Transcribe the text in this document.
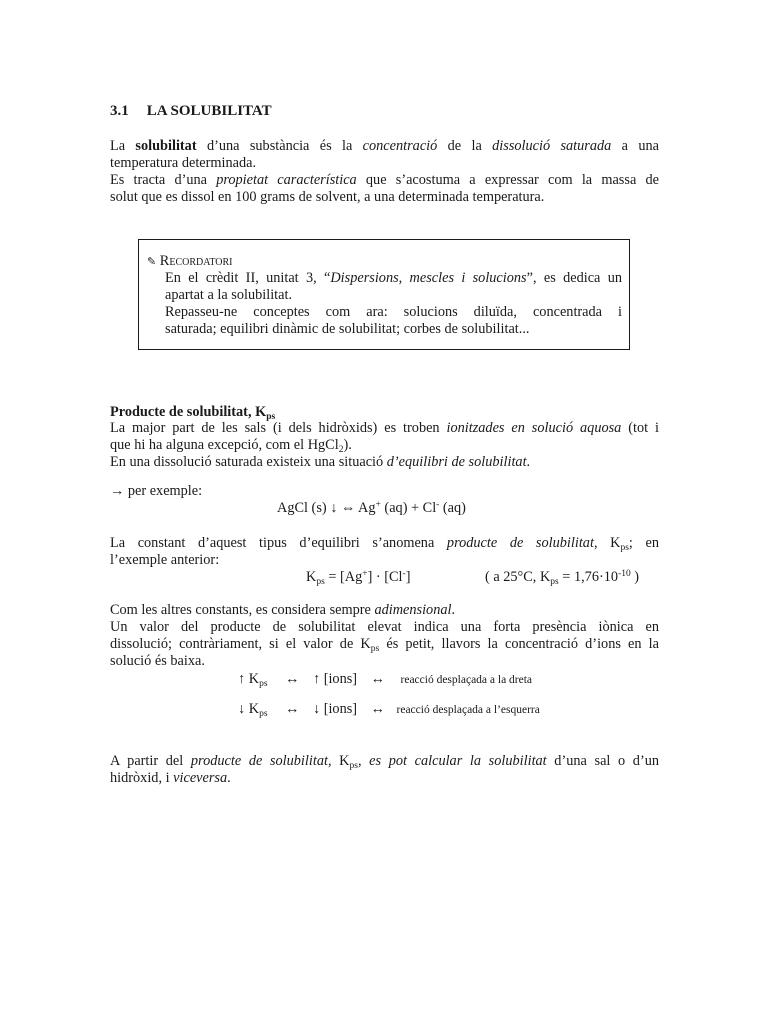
3.1 LA SOLUBILITAT
La solubilitat d’una substància és la concentració de la dissolució saturada a una
temperatura determinada.
Es tracta d’una propietat característica que s’acostuma a expressar com la massa de
solut que es dissol en 100 grams de solvent, a una determinada temperatura.
✎ Recordatori
En el crèdit II, unitat 3, “Dispersions, mescles i solucions”, es dedica un
apartat a la solubilitat.
Repasseu-ne conceptes com ara: solucions diluïda, concentrada i
saturada; equilibri dinàmic de solubilitat; corbes de solubilitat...
Producte de solubilitat, $K_{ps}$
La major part de les sals (i dels hidròxids) es troben ionitzades en solució aquosa (tot i
que hi ha alguna excepció, com el HgCl$_2$).
En una dissolució saturada existeix una situació d’equilibri de solubilitat.
→ per exemple:
AgCl (s) ↓ ⇔ Ag+ (aq) + Cl- (aq)
La constant d’aquest tipus d’equilibri s’anomena producte de solubilitat, $K_{ps}$; en
l’exemple anterior:
$K_{ps} = [Ag^+] \cdot [Cl^-]$	( a 25°C, $K_{ps} = 1,76\cdot 10^{-10}$ )
Com les altres constants, es considera sempre adimensional.
Un valor del producte de solubilitat elevat indica una forta presència iònica en
dissolució; contràriament, si el valor de $K_{ps}$ és petit, llavors la concentració d’ions en la
solució és baixa.
↑ $K_{ps}$ ↔ ↑ [ions] ↔ reacció desplaçada a la dreta
↓ $K_{ps}$ ↔ ↓ [ions] ↔ reacció desplaçada a l’esquerra
A partir del producte de solubilitat, $K_{ps}$, es pot calcular la solubilitat d’una sal o d’un
hidròxid, i viceversa.
